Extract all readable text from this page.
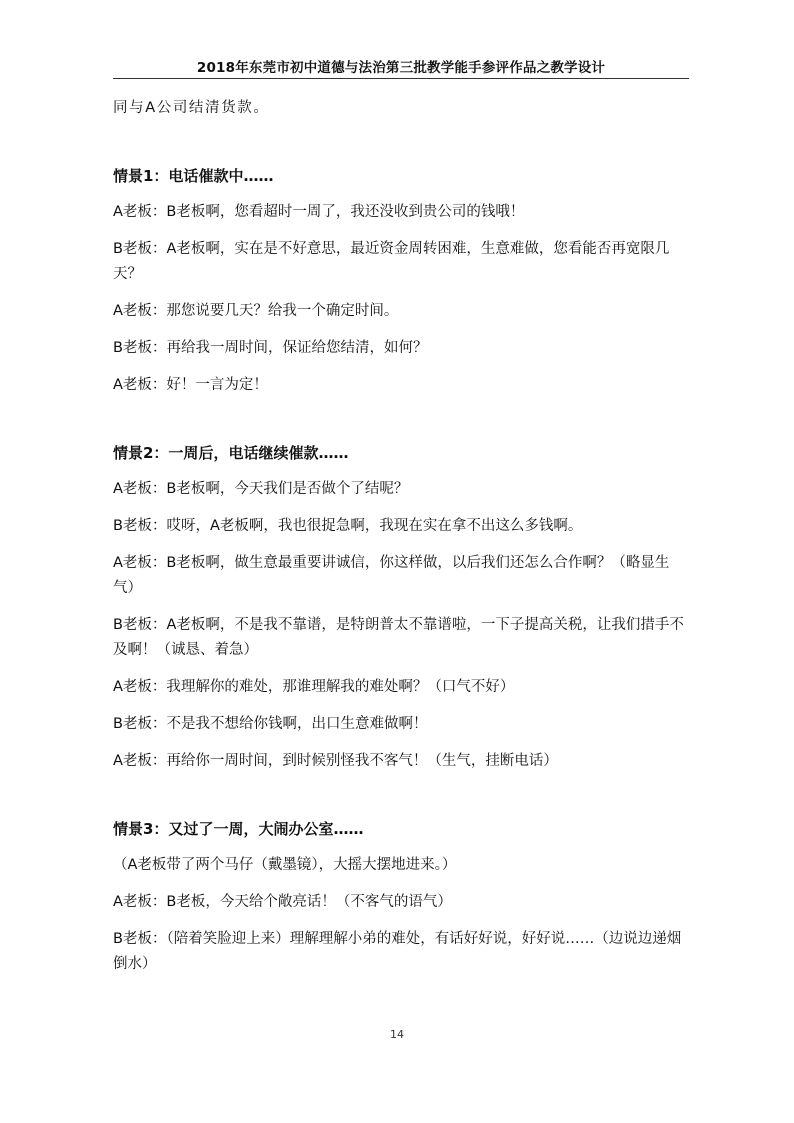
2018年东莞市初中道德与法治第三批教学能手参评作品之教学设计

同与A公司结清货款。

情景1：电话催款中……

A老板：B老板啊，您看超时一周了，我还没收到贵公司的钱哦！

B老板：A老板啊，实在是不好意思，最近资金周转困难，生意难做，您看能否再宽限几天？

A老板：那您说要几天？给我一个确定时间。

B老板：再给我一周时间，保证给您结清，如何？

A老板：好！一言为定！

情景2：一周后，电话继续催款……

A老板：B老板啊，今天我们是否做个了结呢？

B老板：哎呀，A老板啊，我也很捉急啊，我现在实在拿不出这么多钱啊。

A老板：B老板啊，做生意最重要讲诚信，你这样做，以后我们还怎么合作啊？（略显生气）

B老板：A老板啊，不是我不靠谱，是特朗普太不靠谱啦，一下子提高关税，让我们措手不及啊！（诚恳、着急）

A老板：我理解你的难处，那谁理解我的难处啊？（口气不好）

B老板：不是我不想给你钱啊，出口生意难做啊！

A老板：再给你一周时间，到时候别怪我不客气！（生气，挂断电话）

情景3：又过了一周，大闹办公室……

（A老板带了两个马仔（戴墨镜），大摇大摆地进来。）

A老板：B老板，今天给个敞亮话！（不客气的语气）

B老板：（陪着笑脸迎上来）理解理解小弟的难处，有话好好说，好好说……（边说边递烟倒水）

14
